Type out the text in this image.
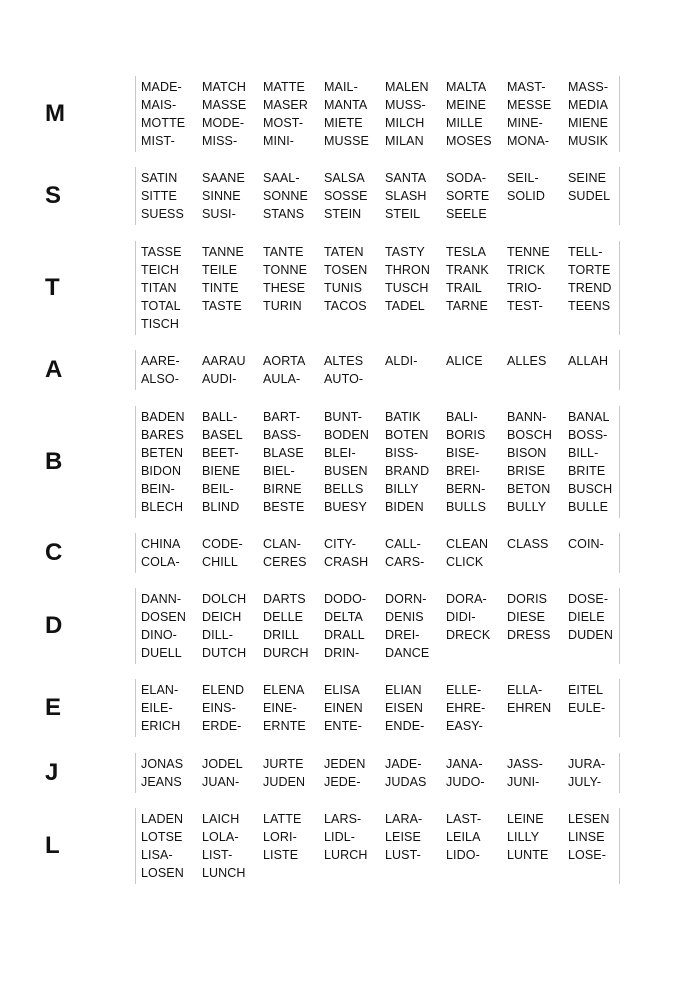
M
MADE-	MATCH	MATTE	MAIL-	MALEN	MALTA	MAST-	MASS-
MAIS-	MASSE	MASER	MANTA	MUSS-	MEINE	MESSE	MEDIA
MOTTE	MODE-	MOST-	MIETE	MILCH	MILLE	MINE-	MIENE
MIST-	MISS-	MINI-	MUSSE	MILAN	MOSES	MONA-	MUSIK
S
SATIN	SAANE	SAAL-	SALSA	SANTA	SODA-	SEIL-	SEINE
SITTE	SINNE	SONNE	SOSSE	SLASH	SORTE	SOLID	SUDEL
SUESS	SUSI-	STANS	STEIN	STEIL	SEELE
T
TASSE	TANNE	TANTE	TATEN	TASTY	TESLA	TENNE	TELL-
TEICH	TEILE	TONNE	TOSEN	THRON	TRANK	TRICK	TORTE
TITAN	TINTE	THESE	TUNIS	TUSCH	TRAIL	TRIO-	TREND
TOTAL	TASTE	TURIN	TACOS	TADEL	TARNE	TEST-	TEENS
TISCH
A	AARE-	AARAU	AORTA	ALTES	ALDI-	ALICE	ALLES	ALLAH
ALSO-	AUDI-	AULA-	AUTO-
B
BADEN	BALL-	BART-	BUNT-	BATIK	BALI-	BANN-	BANAL
BARES	BASEL	BASS-	BODEN	BOTEN	BORIS	BOSCH	BOSS-
BETEN	BEET-	BLASE	BLEI-	BISS-	BISE-	BISON	BILL-
BIDON	BIENE	BIEL-	BUSEN	BRAND	BREI-	BRISE	BRITE
BEIN-	BEIL-	BIRNE	BELLS	BILLY	BERN-	BETON	BUSCH
BLECH	BLIND	BESTE	BUESY	BIDEN	BULLS	BULLY	BULLE
C	CHINA	CODE-	CLAN-	CITY-	CALL-	CLEAN	CLASS	COIN-
COLA-	CHILL	CERES	CRASH	CARS-	CLICK
D
DANN-	DOLCH	DARTS	DODO-	DORN-	DORA-	DORIS	DOSE-
DOSEN	DEICH	DELLE	DELTA	DENIS	DIDI-	DIESE	DIELE
DINO-	DILL-	DRILL	DRALL	DREI-	DRECK	DRESS	DUDEN
DUELL	DUTCH	DURCH	DRIN-	DANCE
E
ELAN-	ELEND	ELENA	ELISA	ELIAN	ELLE-	ELLA-	EITEL
EILE-	EINS-	EINE-	EINEN	EISEN	EHRE-	EHREN	EULE-
ERICH	ERDE-	ERNTE	ENTE-	ENDE-	EASY-
J	JONAS	JODEL	JURTE	JEDEN	JADE-	JANA-	JASS-	JURA-
JEANS	JUAN-	JUDEN	JEDE-	JUDAS	JUDO-	JUNI-	JULY-
L
LADEN	LAICH	LATTE	LARS-	LARA-	LAST-	LEINE	LESEN
LOTSE	LOLA-	LORI-	LIDL-	LEISE	LEILA	LILLY	LINSE
LISA-	LIST-	LISTE	LURCH	LUST-	LIDO-	LUNTE	LOSE-
LOSEN	LUNCH
